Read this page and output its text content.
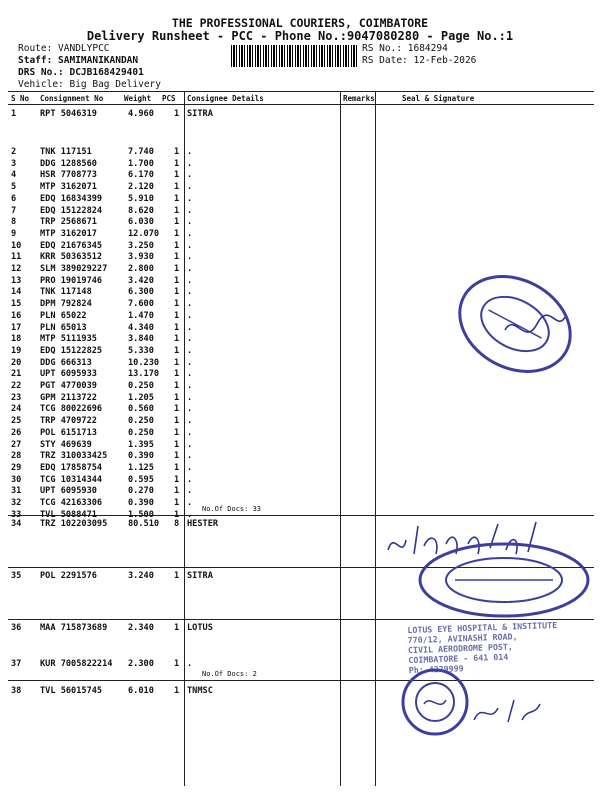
THE PROFESSIONAL COURIERS, COIMBATORE
Delivery Runsheet - PCC - Phone No.:9047080280 - Page No.:1
Route: VANDLYPCC
Staff: SAMIMANIKANDAN
DRS No.: DCJB168429401
Vehicle: Big Bag Delivery
RS No.: 1684294
RS Date: 12-Feb-2026
S No Consignment No	Weight PCS Consignee Details	Remarks	Seal & Signature
1	RPT 5046319	4.960 1 SITRA
2	TNK 117151	7.740 1 .
3	DDG 1288560	1.700 1 .
4	HSR 7708773	6.170 1 .
5	MTP 3162071	2.120 1 .
6	EDQ 16834399	5.910 1 .
7	EDQ 15122824	8.620 1 .
8	TRP 2568671	6.030 1 .
9	MTP 3162017	12.070 1 .
10 EDQ 21676345	3.250 1 .
11 KRR 50363512	3.930 1 .
12 SLM 389029227 2.800 1 .
13 PRO 19019746	3.420 1 .
14 TNK 117148	6.300 1 .
15 DPM 792824	7.600 1 .
16 PLN 65022	1.470 1 .
17 PLN 65013	4.340 1 .
18 MTP 5111935	3.840 1 .
19 EDQ 15122825	5.330 1 .
20 DDG 666313	10.230 1 .
21 UPT 6095933	13.170 1 .
22 PGT 4770039	0.250 1 .
23 GPM 2113722	1.205 1 .
24 TCG 80022696	0.560 1 .
25 TRP 4709722	0.250 1 .
26 POL 6151713	0.250 1 .
27 STY 469639	1.395 1 .
28 TRZ 310033425 0.390 1 .
29 EDQ 17858754	1.125 1 .
30 TCG 10314344	0.595 1 .
31 UPT 6095930	0.270 1 .
32 TCG 42163306	0.390 1 .
33 TVL 5088471	1.500 1 .
34 TRZ 102203095 80.510 8 HESTER
35 POL 2291576	3.240 1 SITRA
36 MAA 715873689 2.340 1 LOTUS
37 KUR 7005822214 2.300 1 .
38 TVL 56015745	6.010 1 TNMSC
No.Of Docs: 33
No.Of Docs: 2
LOTUS EYE HOSPITAL & INSTITUTE
770/12, AVINASHI ROAD,
CIVIL AERODROME POST,
COIMBATORE - 641 014
Ph: 4229999
